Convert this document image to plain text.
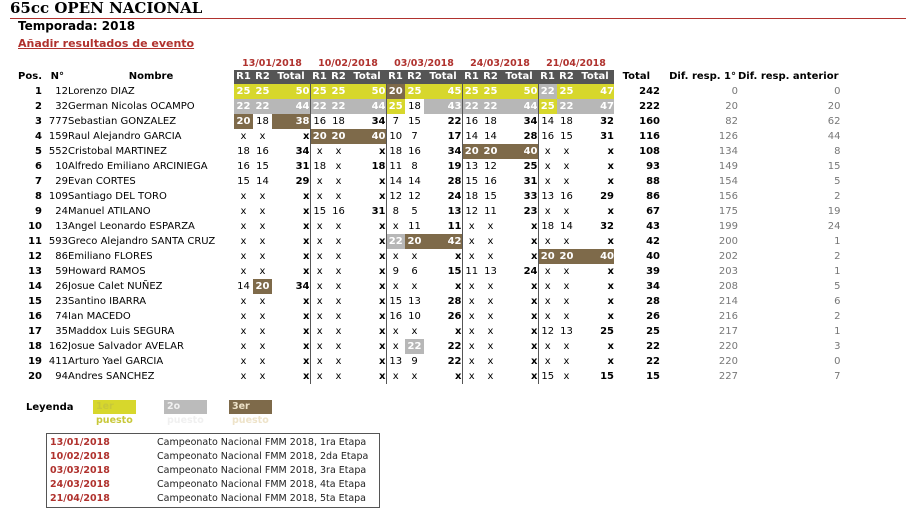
65cc OPEN NACIONAL
Temporada: 2018
Añadir resultados de evento
			13/01/2018			10/02/2018			03/03/2018			24/03/2018			21/04/2018					
Pos.	N°	Nombre	R1	R2	Total	R1	R2	Total	R1	R2	Total	R1	R2	Total	R1	R2	Total	Total	Dif. resp. 1°	Dif. resp. anterior
1	12	Lorenzo DIAZ	25	25	50	25	25	50	20	25	45	25	25	50	22	25	47	242	0	0
2	32	German Nicolas OCAMPO	22	22	44	22	22	44	25	18	43	22	22	44	25	22	47	222	20	20
3	777	Sebastian GONZALEZ	20	18	38	16	18	34	7	15	22	16	18	34	14	18	32	160	82	62
4	159	Raul Alejandro GARCIA	x	x	x	20	20	40	10	7	17	14	14	28	16	15	31	116	126	44
5	552	Cristobal MARTINEZ	18	16	34	x	x	x	18	16	34	20	20	40	x	x	x	108	134	8
6	10	Alfredo Emiliano ARCINIEGA	16	15	31	18	x	18	11	8	19	13	12	25	x	x	x	93	149	15
7	29	Evan CORTES	15	14	29	x	x	x	14	14	28	15	16	31	x	x	x	88	154	5
8	109	Santiago DEL TORO	x	x	x	x	x	x	12	12	24	18	15	33	13	16	29	86	156	2
9	24	Manuel ATILANO	x	x	x	15	16	31	8	5	13	12	11	23	x	x	x	67	175	19
10	13	Angel Leonardo ESPARZA	x	x	x	x	x	x	x	11	11	x	x	x	18	14	32	43	199	24
11	593	Greco Alejandro SANTA CRUZ	x	x	x	x	x	x	22	20	42	x	x	x	x	x	x	42	200	1
12	86	Emiliano FLORES	x	x	x	x	x	x	x	x	x	x	x	x	20	20	40	40	202	2
13	59	Howard RAMOS	x	x	x	x	x	x	9	6	15	11	13	24	x	x	x	39	203	1
14	26	Josue Calet NUÑEZ	14	20	34	x	x	x	x	x	x	x	x	x	x	x	x	34	208	5
15	23	Santino IBARRA	x	x	x	x	x	x	15	13	28	x	x	x	x	x	x	28	214	6
16	74	Ian MACEDO	x	x	x	x	x	x	16	10	26	x	x	x	x	x	x	26	216	2
17	35	Maddox Luis SEGURA	x	x	x	x	x	x	x	x	x	x	x	x	12	13	25	25	217	1
18	162	Josue Salvador AVELAR	x	x	x	x	x	x	x	22	22	x	x	x	x	x	x	22	220	3
19	411	Arturo Yael GARCIA	x	x	x	x	x	x	13	9	22	x	x	x	x	x	x	22	220	0
20	94	Andres SANCHEZ	x	x	x	x	x	x	x	x	x	x	x	x	15	x	15	15	227	7
Leyenda	1er puesto
2o puesto
3er puesto
13/01/2018	Campeonato Nacional FMM 2018, 1ra Etapa
10/02/2018	Campeonato Nacional FMM 2018, 2da Etapa
03/03/2018	Campeonato Nacional FMM 2018, 3ra Etapa
24/03/2018	Campeonato Nacional FMM 2018, 4ta Etapa
21/04/2018	Campeonato Nacional FMM 2018, 5ta Etapa
